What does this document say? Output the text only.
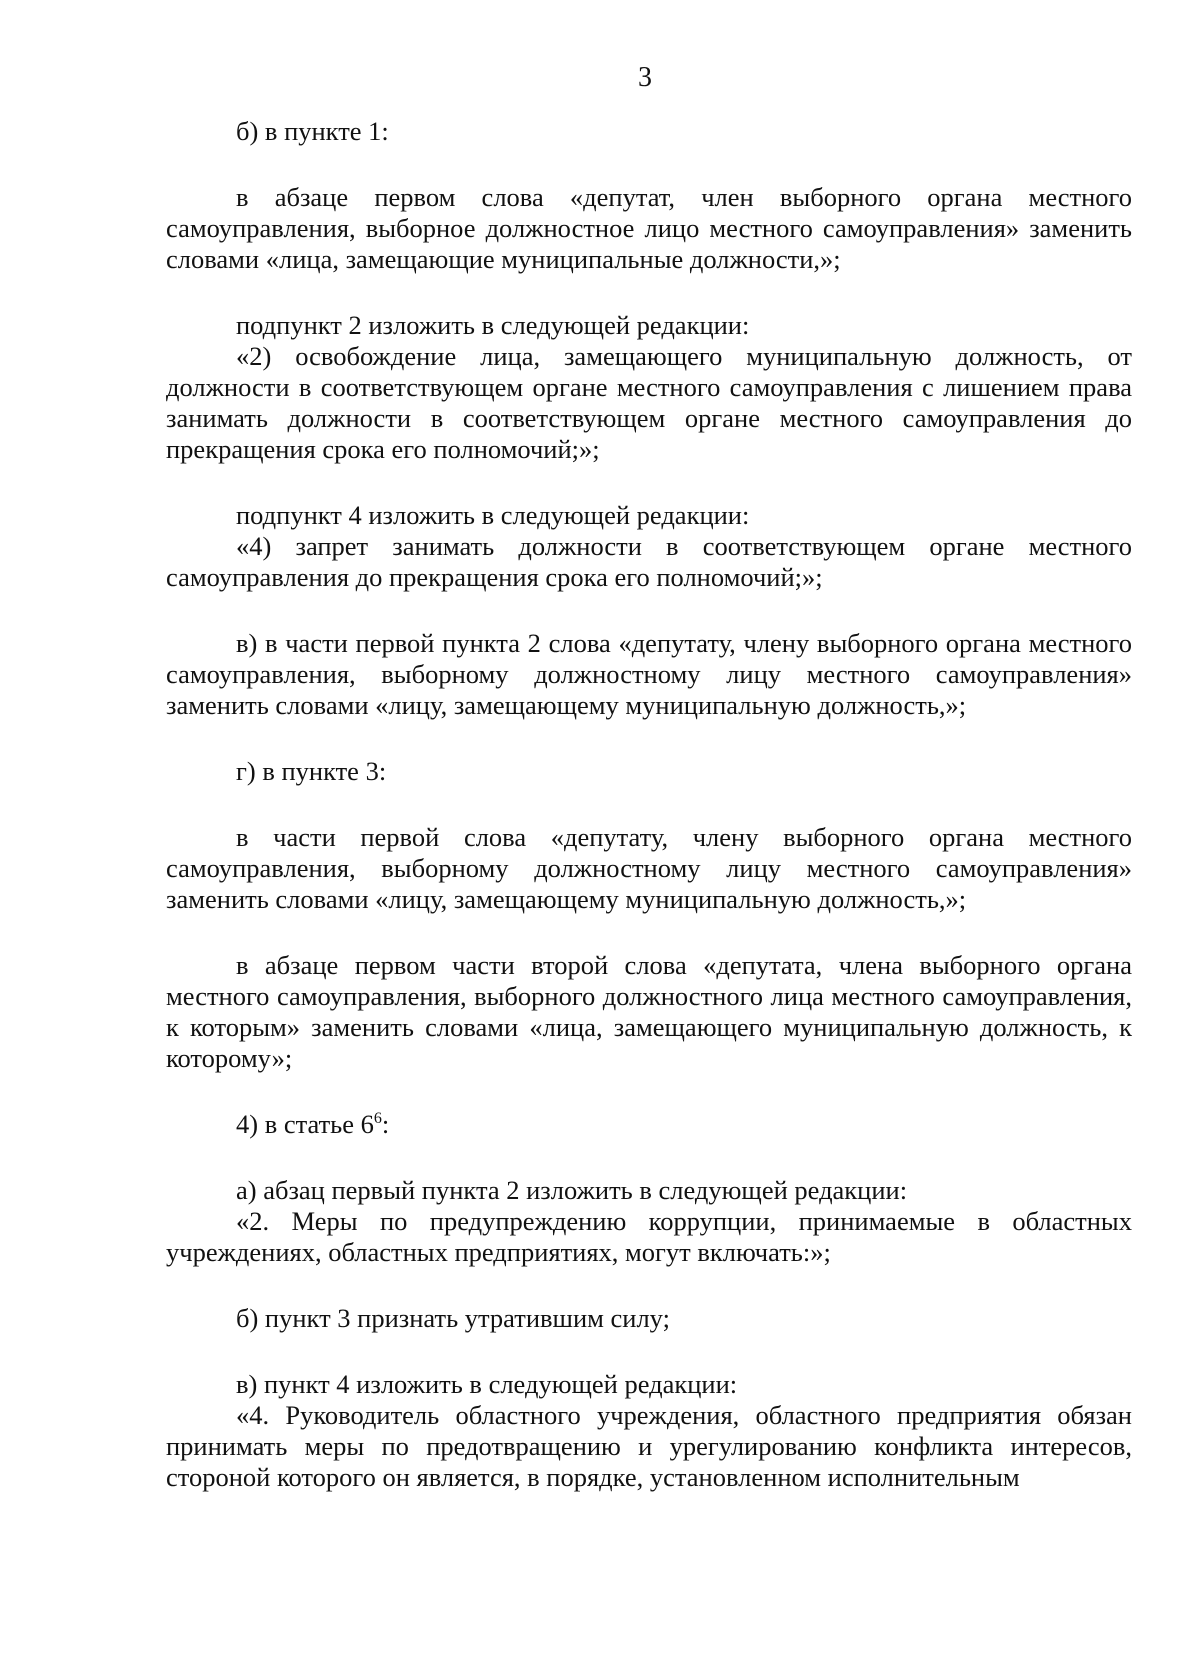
3

б) в пункте 1:

в абзаце первом слова «депутат, член выборного органа местного самоуправления, выборное должностное лицо местного самоуправления» заменить словами «лица, замещающие муниципальные должности,»;

подпункт 2 изложить в следующей редакции:

«2) освобождение лица, замещающего муниципальную должность, от должности в соответствующем органе местного самоуправления с лишением права занимать должности в соответствующем органе местного самоуправления до прекращения срока его полномочий;»;

подпункт 4 изложить в следующей редакции:

«4) запрет занимать должности в соответствующем органе местного самоуправления до прекращения срока его полномочий;»;

в) в части первой пункта 2 слова «депутату, члену выборного органа местного самоуправления, выборному должностному лицу местного самоуправления» заменить словами «лицу, замещающему муниципальную должность,»;

г) в пункте 3:

в части первой слова «депутату, члену выборного органа местного самоуправления, выборному должностному лицу местного самоуправления» заменить словами «лицу, замещающему муниципальную должность,»;

в абзаце первом части второй слова «депутата, члена выборного органа местного самоуправления, выборного должностного лица местного самоуправления, к которым» заменить словами «лица, замещающего муниципальную должность, к которому»;

4) в статье $6^6$:

а) абзац первый пункта 2 изложить в следующей редакции:

«2. Меры по предупреждению коррупции, принимаемые в областных учреждениях, областных предприятиях, могут включать:»;

б) пункт 3 признать утратившим силу;

в) пункт 4 изложить в следующей редакции:

«4. Руководитель областного учреждения, областного предприятия обязан принимать меры по предотвращению и урегулированию конфликта интересов, стороной которого он является, в порядке, установленном исполнительным
